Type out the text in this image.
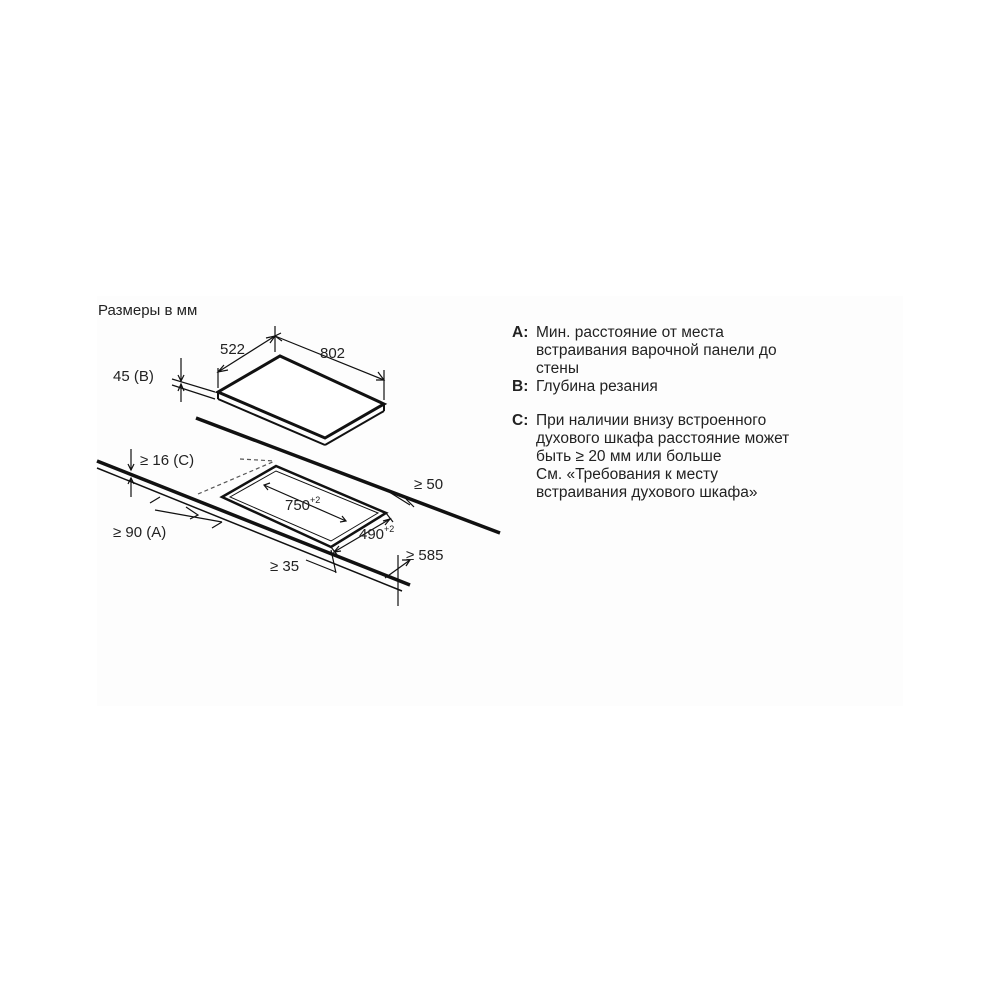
Размеры в мм
522	802
45 (B)
≥ 16 (C)
≥ 90 (A)
$750^{+2}$
$490^{+2}$
≥ 50
≥ 35
≥ 585
A: Мин. расстояние от места
встраивания варочной панели до
стены
B: Глубина резания
C: При наличии внизу встроенного
духового шкафа расстояние может
быть ≥ 20 мм или больше
См. «Требования к месту
встраивания духового шкафа»
